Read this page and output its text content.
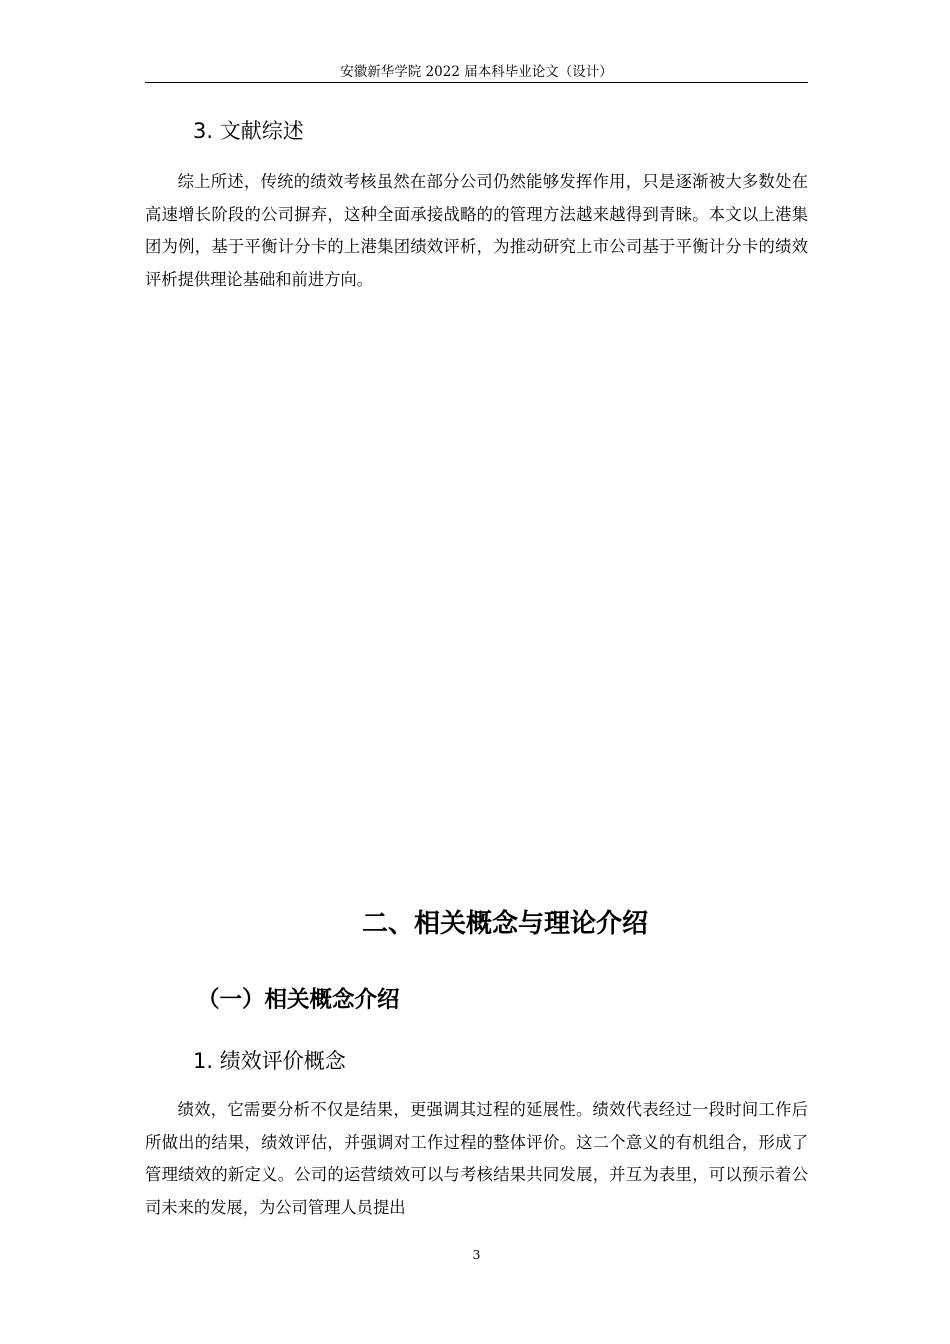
安徽新华学院 2022 届本科毕业论文（设计）
3. 文献综述

综上所述，传统的绩效考核虽然在部分公司仍然能够发挥作用，只是逐渐被大多数处在高速增长阶段的公司摒弃，这种全面承接战略的的管理方法越来越得到青睐。本文以上港集团为例，基于平衡计分卡的上港集团绩效评析，为推动研究上市公司基于平衡计分卡的绩效评析提供理论基础和前进方向。

二、相关概念与理论介绍
（一）相关概念介绍
1. 绩效评价概念

绩效，它需要分析不仅是结果，更强调其过程的延展性。绩效代表经过一段时间工作后所做出的结果，绩效评估，并强调对工作过程的整体评价。这二个意义的有机组合，形成了管理绩效的新定义。公司的运营绩效可以与考核结果共同发展，并互为表里，可以预示着公司未来的发展，为公司管理人员提出

3
